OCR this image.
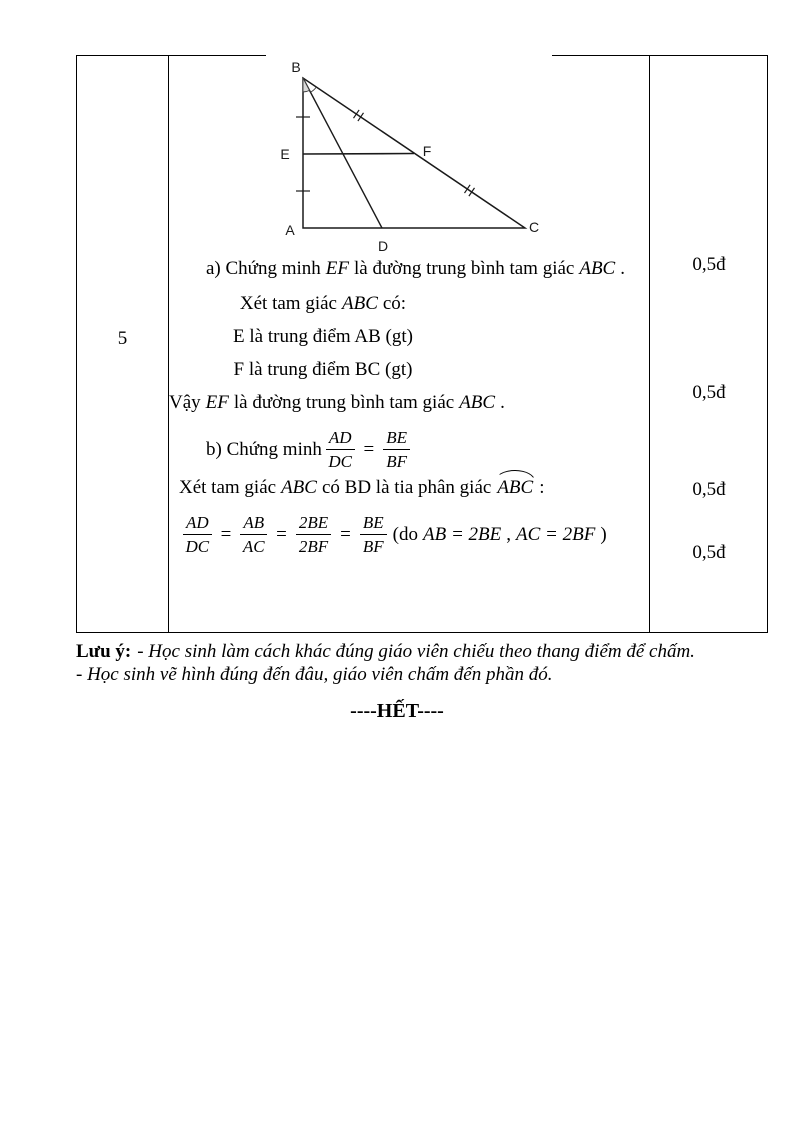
5
B
A	C
E	F
D
a) Chứng minh EF là đường trung bình tam giác ABC .
Xét tam giác ABC có:
E là trung điểm AB (gt)
F là trung điểm BC (gt)
Vậy EF là đường trung bình tam giác ABC .
b) Chứng minh $\frac{AD}{DC} = \frac{BE}{BF}$
Xét tam giác ABC có BD là tia phân giác ABC :
$\frac{AD}{DC} = \frac{AB}{AC} = \frac{2BE}{2BF} = \frac{BE}{BF} (do$ AB = 2BE , AC = 2BF )
0,5đ
0,5đ
0,5đ
0,5đ
Lưu ý: - Học sinh làm cách khác đúng giáo viên chiếu theo thang điểm để chấm.
- Học sinh vẽ hình đúng đến đâu, giáo viên chấm đến phần đó.
----HẾT----
